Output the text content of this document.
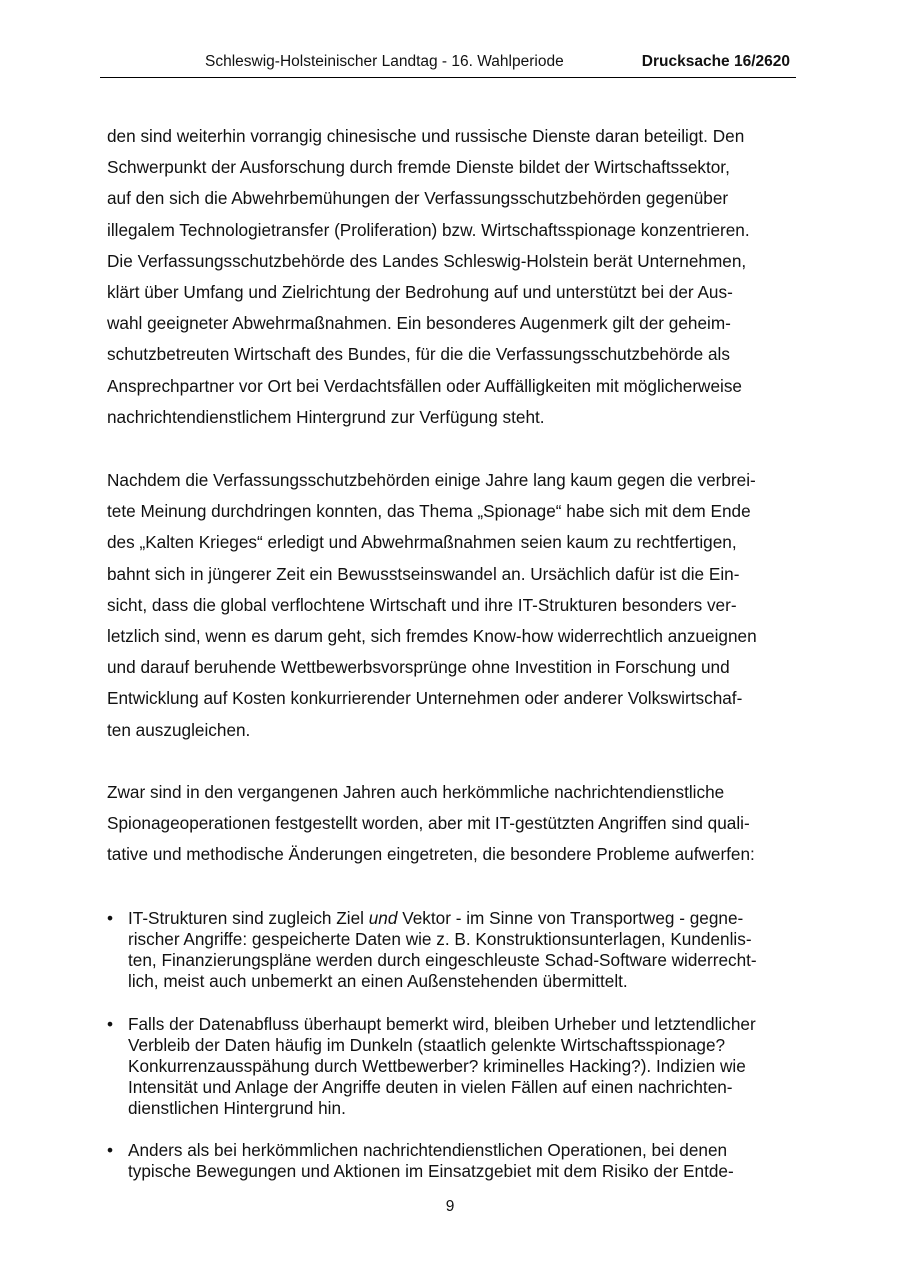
Schleswig-Holsteinischer Landtag - 16. Wahlperiode	Drucksache 16/2620
den sind weiterhin vorrangig chinesische und russische Dienste daran beteiligt. Den
Schwerpunkt der Ausforschung durch fremde Dienste bildet der Wirtschaftssektor,
auf den sich die Abwehrbemühungen der Verfassungsschutzbehörden gegenüber
illegalem Technologietransfer (Proliferation) bzw. Wirtschaftsspionage konzentrieren.
Die Verfassungsschutzbehörde des Landes Schleswig-Holstein berät Unternehmen,
klärt über Umfang und Zielrichtung der Bedrohung auf und unterstützt bei der Aus-
wahl geeigneter Abwehrmaßnahmen. Ein besonderes Augenmerk gilt der geheim-
schutzbetreuten Wirtschaft des Bundes, für die die Verfassungsschutzbehörde als
Ansprechpartner vor Ort bei Verdachtsfällen oder Auffälligkeiten mit möglicherweise
nachrichtendienstlichem Hintergrund zur Verfügung steht.
Nachdem die Verfassungsschutzbehörden einige Jahre lang kaum gegen die verbrei-
tete Meinung durchdringen konnten, das Thema „Spionage“ habe sich mit dem Ende
des „Kalten Krieges“ erledigt und Abwehrmaßnahmen seien kaum zu rechtfertigen,
bahnt sich in jüngerer Zeit ein Bewusstseinswandel an. Ursächlich dafür ist die Ein-
sicht, dass die global verflochtene Wirtschaft und ihre IT-Strukturen besonders ver-
letzlich sind, wenn es darum geht, sich fremdes Know-how widerrechtlich anzueignen
und darauf beruhende Wettbewerbsvorsprünge ohne Investition in Forschung und
Entwicklung auf Kosten konkurrierender Unternehmen oder anderer Volkswirtschaf-
ten auszugleichen.
Zwar sind in den vergangenen Jahren auch herkömmliche nachrichtendienstliche
Spionageoperationen festgestellt worden, aber mit IT-gestützten Angriffen sind quali-
tative und methodische Änderungen eingetreten, die besondere Probleme aufwerfen:
• IT-Strukturen sind zugleich Ziel und Vektor - im Sinne von Transportweg - gegne-
rischer Angriffe: gespeicherte Daten wie z. B. Konstruktionsunterlagen, Kundenlis-
ten, Finanzierungspläne werden durch eingeschleuste Schad-Software widerrecht-
lich, meist auch unbemerkt an einen Außenstehenden übermittelt.
• Falls der Datenabfluss überhaupt bemerkt wird, bleiben Urheber und letztendlicher
Verbleib der Daten häufig im Dunkeln (staatlich gelenkte Wirtschaftsspionage?
Konkurrenzausspähung durch Wettbewerber? kriminelles Hacking?). Indizien wie
Intensität und Anlage der Angriffe deuten in vielen Fällen auf einen nachrichten-
dienstlichen Hintergrund hin.
• Anders als bei herkömmlichen nachrichtendienstlichen Operationen, bei denen
typische Bewegungen und Aktionen im Einsatzgebiet mit dem Risiko der Entde-
9
